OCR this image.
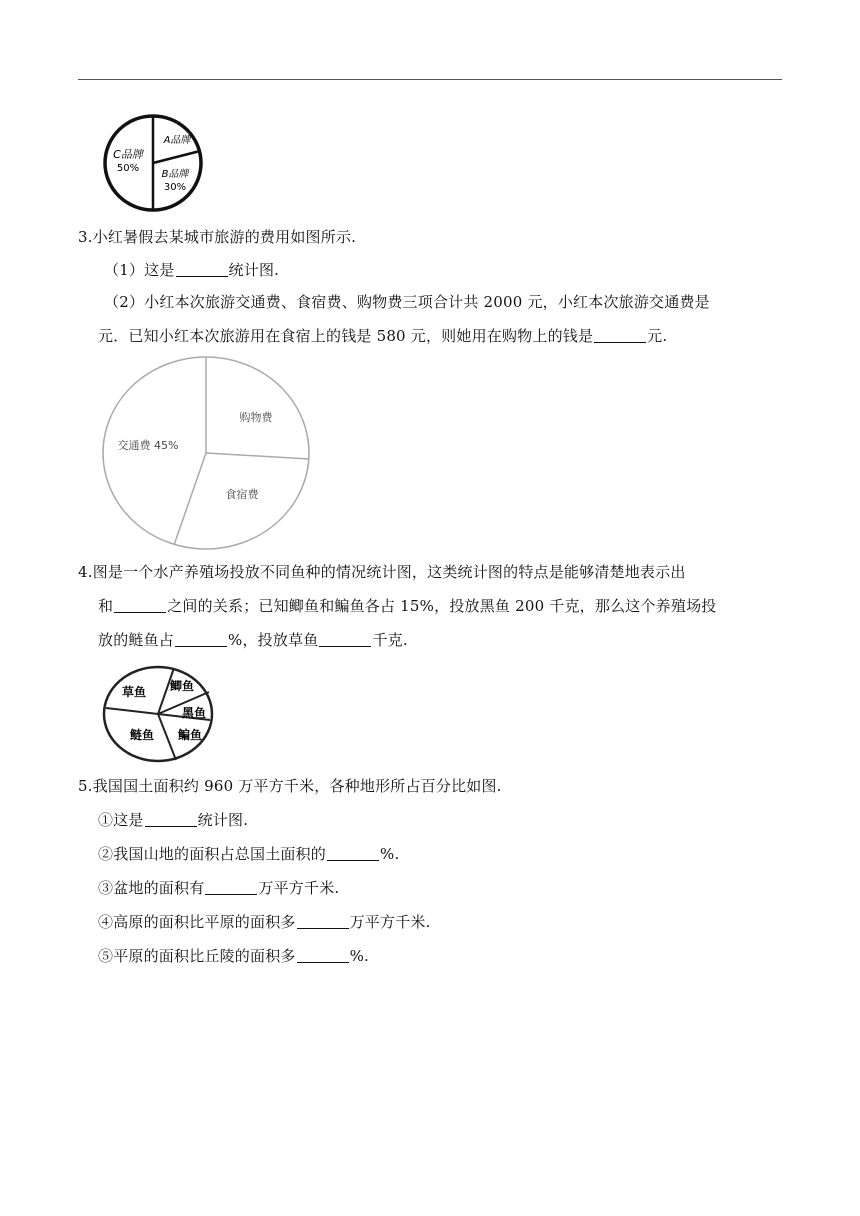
C品牌
50%
A品牌
B品牌
30%
3.小红暑假去某城市旅游的费用如图所示.
（1）这是	统计图.
（2）小红本次旅游交通费、食宿费、购物费三项合计共 2000 元，小红本次旅游交通费是
元．已知小红本次旅游用在食宿上的钱是 580 元，则她用在购物上的钱是	元.
交通费 45%
购物费
食宿费
4.图是一个水产养殖场投放不同鱼种的情况统计图，这类统计图的特点是能够清楚地表示出
和	之间的关系；已知鲫鱼和鳊鱼各占 15%，投放黑鱼 200 千克，那么这个养殖场投
放的鲢鱼占	%，投放草鱼	千克.
草鱼 鲫鱼
黑鱼
鳊鱼
鲢鱼
5.我国国土面积约 960 万平方千米，各种地形所占百分比如图.
①这是	统计图.
②我国山地的面积占总国土面积的	%.
③盆地的面积有	万平方千米.
④高原的面积比平原的面积多	万平方千米.
⑤平原的面积比丘陵的面积多	%.
